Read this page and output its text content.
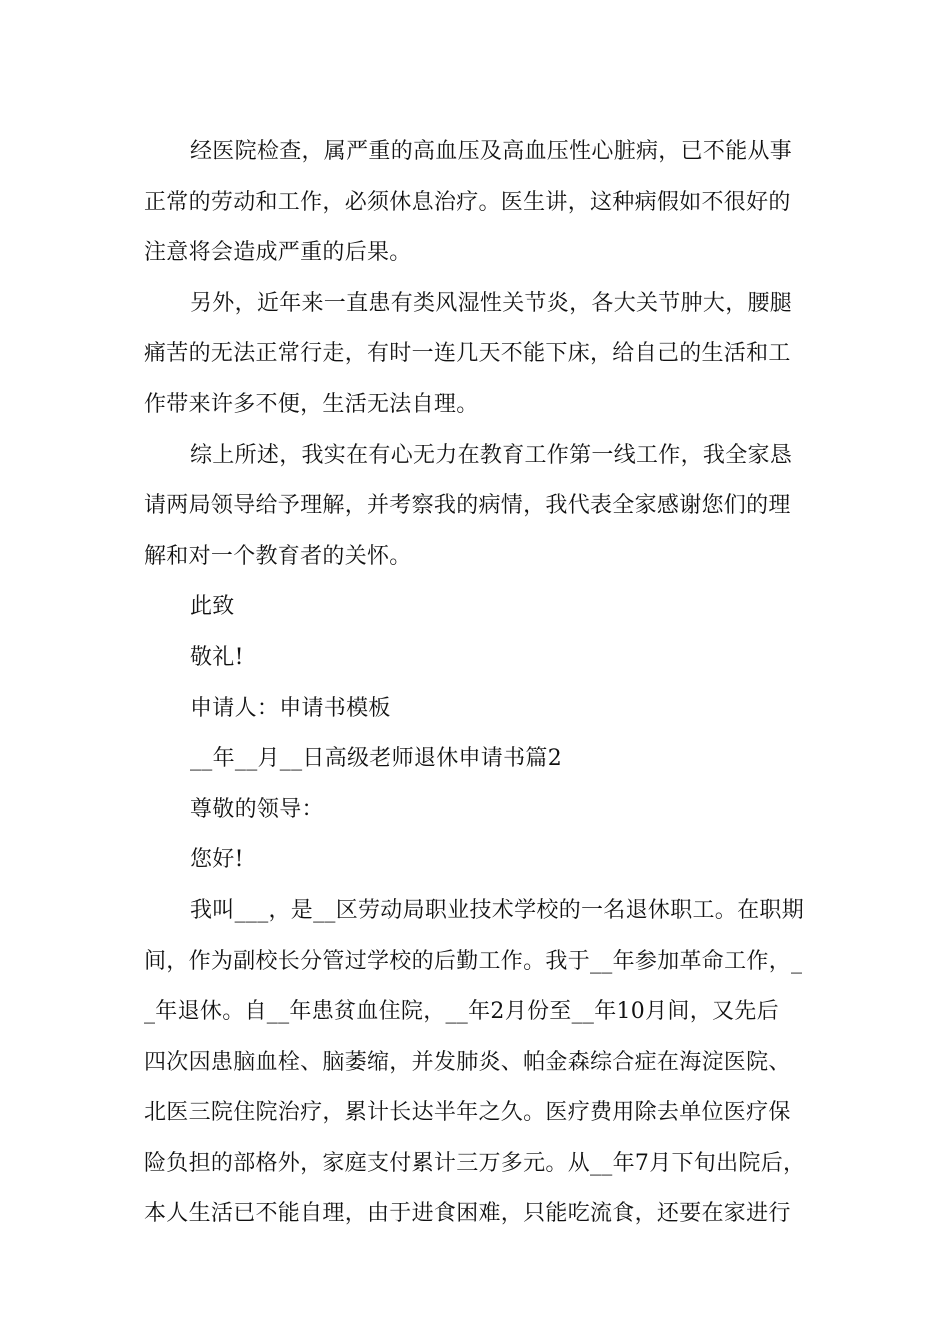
经医院检查，属严重的高血压及高血压性心脏病，已不能从事
正常的劳动和工作，必须休息治疗。医生讲，这种病假如不很好的
注意将会造成严重的后果。
另外，近年来一直患有类风湿性关节炎，各大关节肿大，腰腿
痛苦的无法正常行走，有时一连几天不能下床，给自己的生活和工
作带来许多不便，生活无法自理。
综上所述，我实在有心无力在教育工作第一线工作，我全家恳
请两局领导给予理解，并考察我的病情，我代表全家感谢您们的理
解和对一个教育者的关怀。
此致
敬礼!
申请人：申请书模板
__年__月__日高级老师退休申请书篇2
尊敬的领导：
您好!
我叫___，是__区劳动局职业技术学校的一名退休职工。在职期
间，作为副校长分管过学校的后勤工作。我于__年参加革命工作，_
_年退休。自__年患贫血住院，__年2月份至__年10月间，又先后
四次因患脑血栓、脑萎缩，并发肺炎、帕金森综合症在海淀医院、
北医三院住院治疗，累计长达半年之久。医疗费用除去单位医疗保
险负担的部格外，家庭支付累计三万多元。从__年7月下旬出院后，
本人生活已不能自理，由于进食困难，只能吃流食，还要在家进行
